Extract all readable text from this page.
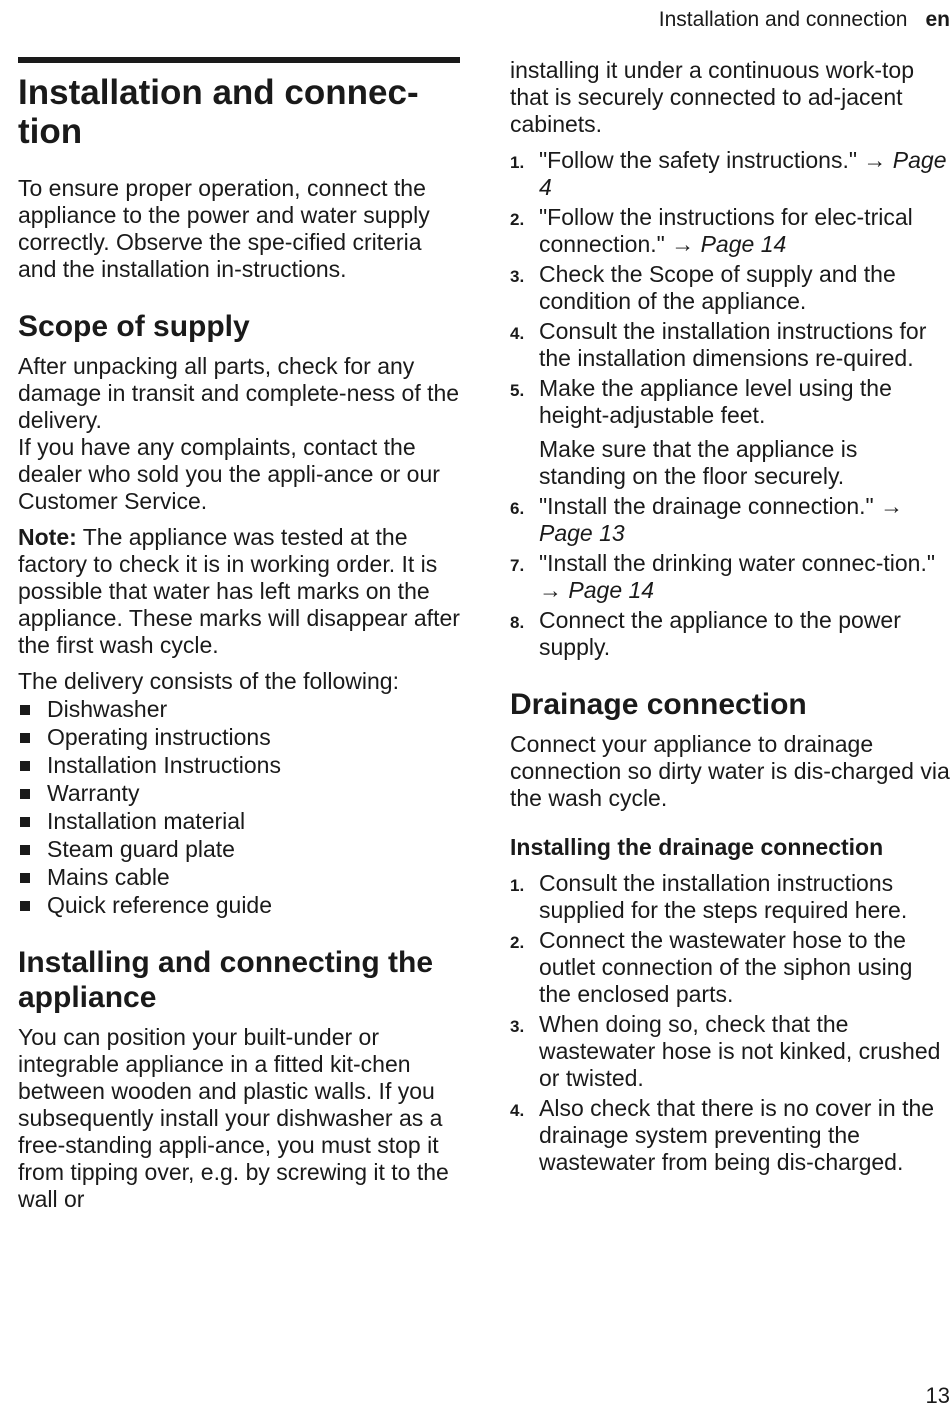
Installation and connection en
Installation and connec-
tion

To ensure proper operation, connect the appliance to the power and water supply correctly. Observe the spe-cified criteria and the installation in-structions.

Scope of supply

After unpacking all parts, check for any damage in transit and complete-ness of the delivery.

If you have any complaints, contact the dealer who sold you the appli-ance or our Customer Service.

Note: The appliance was tested at the factory to check it is in working order. It is possible that water has left marks on the appliance. These marks will disappear after the first wash cycle.

The delivery consists of the following:

Dishwasher
Operating instructions
Installation Instructions
Warranty
Installation material
Steam guard plate
Mains cable
Quick reference guide
Installing and connecting the appliance

You can position your built-under or integrable appliance in a fitted kit-chen between wooden and plastic walls. If you subsequently install your dishwasher as a free-standing appli-ance, you must stop it from tipping over, e.g. by screwing it to the wall or

installing it under a continuous work-top that is securely connected to ad-jacent cabinets.

1. "Follow the safety instructions." → Page 4
2. "Follow the instructions for elec-trical connection." → Page 14
3. Check the Scope of supply and the condition of the appliance.
4. Consult the installation instructions for the installation dimensions re-quired.
5. Make the appliance level using the height-adjustable feet.
Make sure that the appliance is standing on the floor securely.
6. "Install the drainage connection." → Page 13
7. "Install the drinking water connec-tion." → Page 14
8. Connect the appliance to the power supply.
Drainage connection

Connect your appliance to drainage connection so dirty water is dis-charged via the wash cycle.

Installing the drainage connection
1. Consult the installation instructions supplied for the steps required here.
2. Connect the wastewater hose to the outlet connection of the siphon using the enclosed parts.
3. When doing so, check that the wastewater hose is not kinked, crushed or twisted.
4. Also check that there is no cover in the drainage system preventing the wastewater from being dis-charged.
13
